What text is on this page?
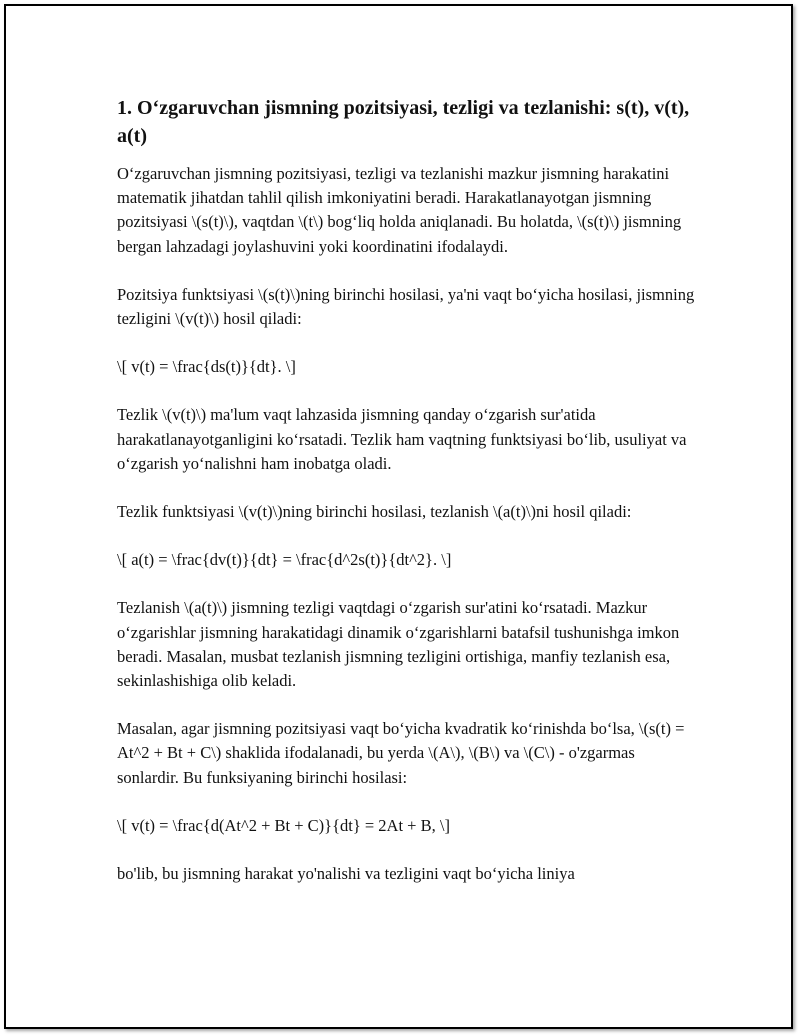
1. O‘zgaruvchan jismning pozitsiyasi, tezligi va tezlanishi: s(t), v(t), a(t)

O‘zgaruvchan jismning pozitsiyasi, tezligi va tezlanishi mazkur jismning harakatini matematik jihatdan tahlil qilish imkoniyatini beradi. Harakatlanayotgan jismning pozitsiyasi \(s(t)\), vaqtdan \(t\) bog‘liq holda aniqlanadi. Bu holatda, \(s(t)\) jismning bergan lahzadagi joylashuvini yoki koordinatini ifodalaydi.

Pozitsiya funktsiyasi \(s(t)\)ning birinchi hosilasi, ya'ni vaqt bo‘yicha hosilasi, jismning tezligini \(v(t)\) hosil qiladi:

\[ v(t) = \frac{ds(t)}{dt}. \]

Tezlik \(v(t)\) ma'lum vaqt lahzasida jismning qanday o‘zgarish sur'atida harakatlanayotganligini ko‘rsatadi. Tezlik ham vaqtning funktsiyasi bo‘lib, usuliyat va o‘zgarish yo‘nalishni ham inobatga oladi.

Tezlik funktsiyasi \(v(t)\)ning birinchi hosilasi, tezlanish \(a(t)\)ni hosil qiladi:

\[ a(t) = \frac{dv(t)}{dt} = \frac{d^2s(t)}{dt^2}. \]

Tezlanish \(a(t)\) jismning tezligi vaqtdagi o‘zgarish sur'atini ko‘rsatadi. Mazkur o‘zgarishlar jismning harakatidagi dinamik o‘zgarishlarni batafsil tushunishga imkon beradi. Masalan, musbat tezlanish jismning tezligini ortishiga, manfiy tezlanish esa, sekinlashishiga olib keladi.

Masalan, agar jismning pozitsiyasi vaqt bo‘yicha kvadratik ko‘rinishda bo‘lsa, \(s(t) = At^2 + Bt + C\) shaklida ifodalanadi, bu yerda \(A\), \(B\) va \(C\) - o'zgarmas sonlardir. Bu funksiyaning birinchi hosilasi:

\[ v(t) = \frac{d(At^2 + Bt + C)}{dt} = 2At + B, \]

bo'lib, bu jismning harakat yo'nalishi va tezligini vaqt bo‘yicha liniya
